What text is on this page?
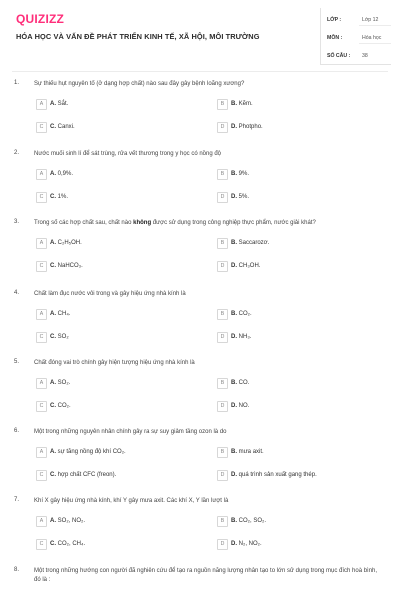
QUIZIZZ
HÓA HỌC VÀ VẤN ĐỀ PHÁT TRIỂN KINH TẾ, XÃ HỘI, MÔI TRƯỜNG
LỚP :	Lớp 12
MÔN :	Hóa học
SỐ CÂU : 38
1. Sự thiếu hụt nguyên tố (ở dạng hợp chất) nào sau đây gây bệnh loãng xương?
A	A. Sắt.	B	B. Kẽm.
C	C. Canxi.	D	D. Photpho.
2. Nước muối sinh lí để sát trùng, rửa vết thương trong y học có nồng độ
A	A. 0,9%.	B	B. 9%.
C	C. 1%.	D	D. 5%.
3. Trong số các hợp chất sau, chất nào không được sử dụng trong công nghiệp thực phẩm, nước giải khát?
A	A. C₂H₅OH.	B	B. Saccarozơ.
C	C. NaHCO₃.	D	D. CH₃OH.
4. Chất làm đục nước vôi trong và gây hiệu ứng nhà kính là
A	A. CH₄.	B	B. CO₂.
C	C. SO₂	D	D. NH₃.
5. Chất đóng vai trò chính gây hiện tượng hiệu ứng nhà kính là
A	A. SO₂.	B	B. CO.
C	C. CO₂.	D	D. NO.
6. Một trong những nguyên nhân chính gây ra sự suy giảm tầng ozon là do
A	A. sự tăng nồng độ khí CO₂.	B	B. mưa axit.
C	C. hợp chất CFC (freon).	D	D. quá trình sản xuất gang thép.
7. Khí X gây hiệu ứng nhà kính, khí Y gây mưa axit. Các khí X, Y lần lượt là
A	A. SO₂, NO₂.	B	B. CO₂, SO₂.
C	C. CO₂, CH₄.	D	D. N₂, NO₂.
8. Một trong những hướng con người đã nghiên cứu để tạo ra nguồn năng lượng nhân tạo to lớn sử dụng trong mục đích hoà bình, đó là :
